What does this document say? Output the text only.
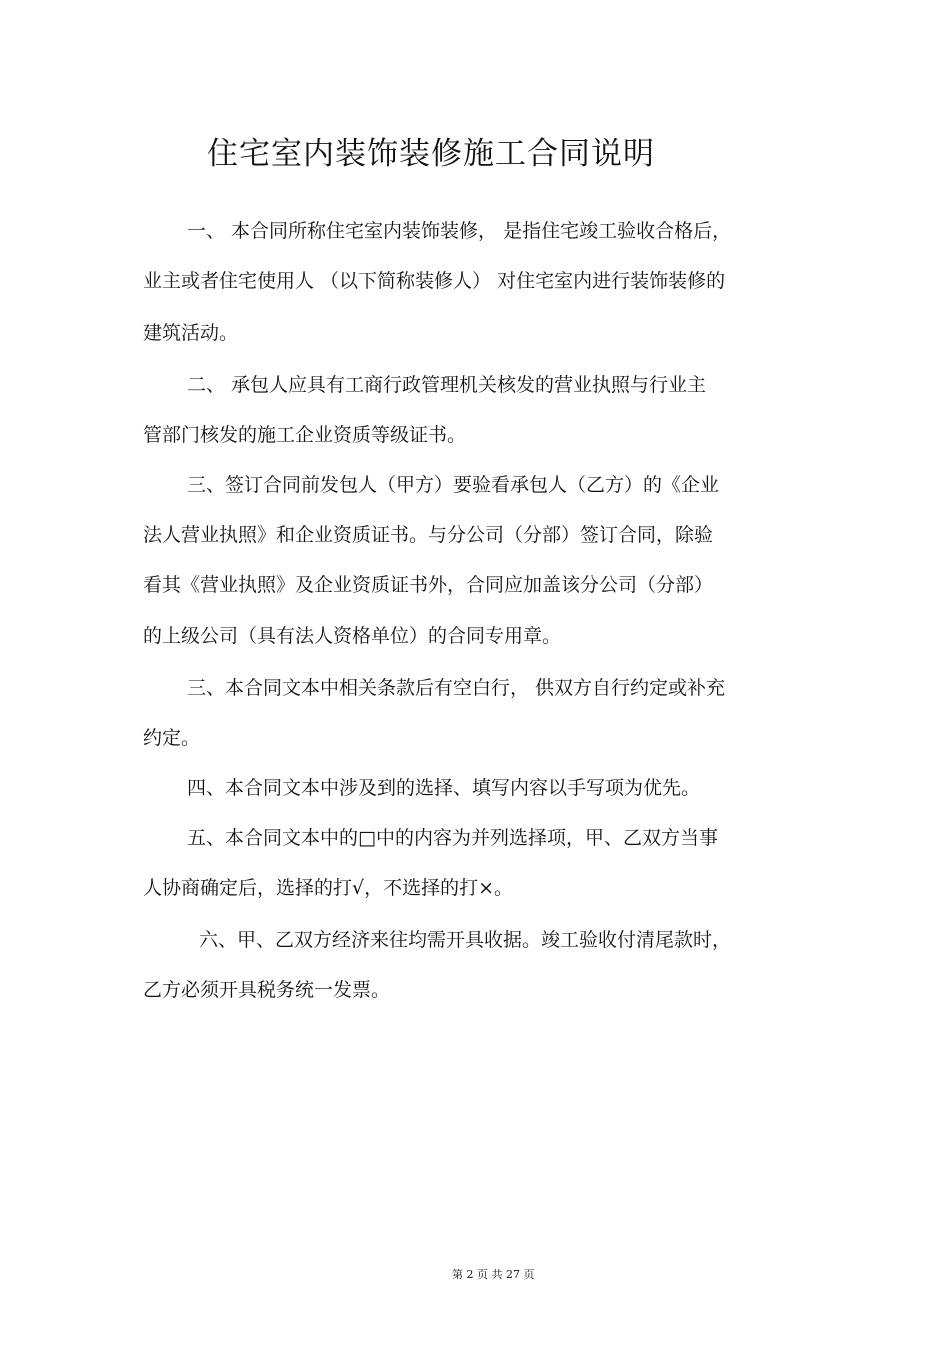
住宅室内装饰装修施工合同说明
一、 本合同所称住宅室内装饰装修， 是指住宅竣工验收合格后，
业主或者住宅使用人 （以下简称装修人） 对住宅室内进行装饰装修的
建筑活动。
二、 承包人应具有工商行政管理机关核发的营业执照与行业主
管部门核发的施工企业资质等级证书。
三、签订合同前发包人（甲方）要验看承包人（乙方）的《企业
法人营业执照》和企业资质证书。与分公司（分部）签订合同，除验
看其《营业执照》及企业资质证书外，合同应加盖该分公司（分部）
的上级公司（具有法人资格单位）的合同专用章。
三、本合同文本中相关条款后有空白行， 供双方自行约定或补充
约定。
四、本合同文本中涉及到的选择、填写内容以手写项为优先。
五、本合同文本中的□中的内容为并列选择项，甲、乙双方当事
人协商确定后，选择的打√，不选择的打×。
六、甲、乙双方经济来往均需开具收据。竣工验收付清尾款时，
乙方必须开具税务统一发票。
第 2 页 共 27 页
